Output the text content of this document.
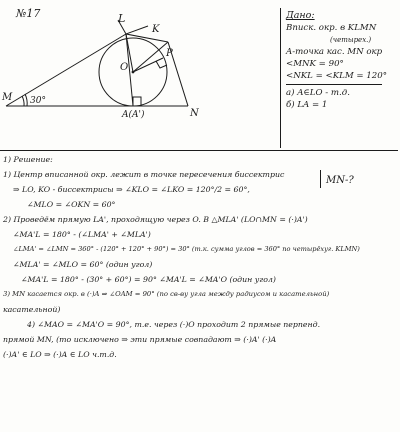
№17
M
L
K
O
P
A(A')	N
30°
Дано:
Вписк. окр. в KLMN
(четырех.)
A-точка кас. MN окр
<MNK = 90°
<NKL = <KLM = 120°
a) A∈LO - т.д.
б) LA = 1
MN-?
1) Решение:
1) Центр вписанной окр. лежит в точке пересечения биссектрис
⇒ LO, KO - биссектрисы ⇒ ∠KLO = ∠LKO = 120°/2 = 60°,
∠MLO = ∠OKN = 60°
2) Проведём прямую LA', проходящую через O. В △MLA' (LO∩MN = (·)A')
∠MA'L = 180° - (∠LMA' + ∠MLA')
∠LMA' = ∠LMN = 360° - (120° + 120° + 90°) = 30° (т.к. сумма углов = 360° по четырёхуг. KLMN)
∠MLA' = ∠MLO = 60° (один угол)
∠MA'L = 180° - (30° + 60°) = 90° ∠MA'L = ∠MA'O (один угол)
3) MN касается окр. в (·)A ⇒ ∠OAM = 90° (по св-ву угла между радиусом и касательной)
касательной)
4) ∠MAO = ∠MA'O = 90°, т.е. через (·)O проходит 2 прямые перпенд.
прямой MN, (то исключено ⇒ эти прямые совпадают ⇒ (·)A' (·)A
(·)A' ∈ LO ⇒ (·)A ∈ LO ч.т.д.
